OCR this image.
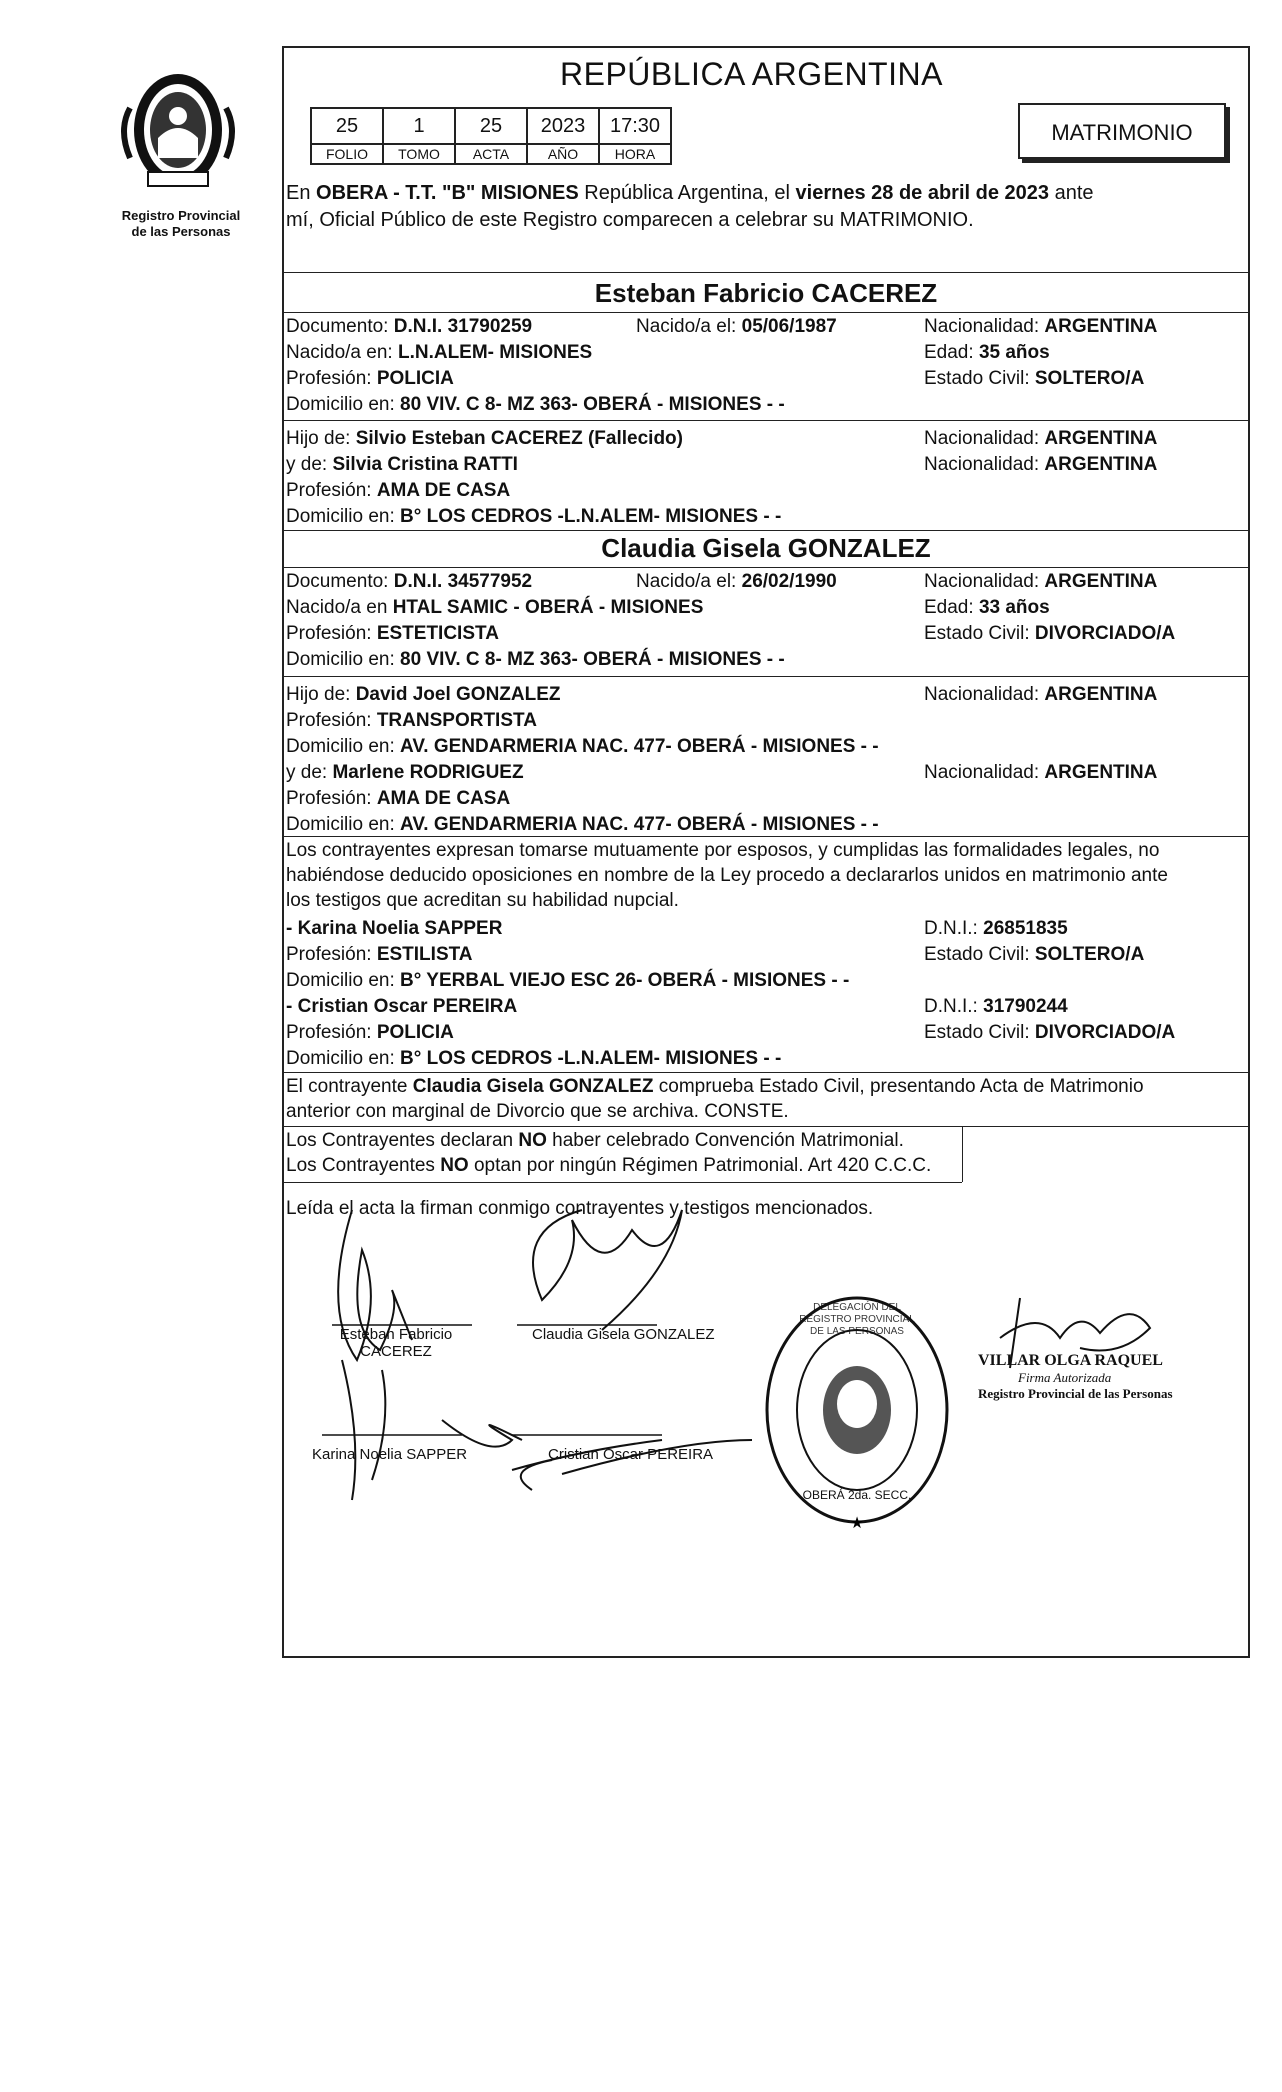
Registro Provincial
de las Personas
REPÚBLICA ARGENTINA
25	1	25	2023	17:30
FOLIO	TOMO	ACTA	AÑO	HORA
MATRIMONIO
En OBERA - T.T. "B" MISIONES República Argentina, el viernes 28 de abril de 2023 ante
mí, Oficial Público de este Registro comparecen a celebrar su MATRIMONIO.
Esteban Fabricio CACEREZ
Documento: D.N.I. 31790259	Nacido/a el: 05/06/1987	Nacionalidad: ARGENTINA
Nacido/a en: L.N.ALEM- MISIONES	Edad: 35 años
Profesión: POLICIA	Estado Civil: SOLTERO/A
Domicilio en: 80 VIV. C 8- MZ 363- OBERÁ - MISIONES - -
Hijo de: Silvio Esteban CACEREZ (Fallecido)	Nacionalidad: ARGENTINA
y de: Silvia Cristina RATTI	Nacionalidad: ARGENTINA
Profesión: AMA DE CASA
Domicilio en: B° LOS CEDROS -L.N.ALEM- MISIONES - -
Claudia Gisela GONZALEZ
Documento: D.N.I. 34577952	Nacido/a el: 26/02/1990	Nacionalidad: ARGENTINA
Nacido/a en HTAL SAMIC - OBERÁ - MISIONES	Edad: 33 años
Profesión: ESTETICISTA	Estado Civil: DIVORCIADO/A
Domicilio en: 80 VIV. C 8- MZ 363- OBERÁ - MISIONES - -
Hijo de: David Joel GONZALEZ	Nacionalidad: ARGENTINA
Profesión: TRANSPORTISTA
Domicilio en: AV. GENDARMERIA NAC. 477- OBERÁ - MISIONES - -
y de: Marlene RODRIGUEZ	Nacionalidad: ARGENTINA
Profesión: AMA DE CASA
Domicilio en: AV. GENDARMERIA NAC. 477- OBERÁ - MISIONES - -
Los contrayentes expresan tomarse mutuamente por esposos, y cumplidas las formalidades legales, no
habiéndose deducido oposiciones en nombre de la Ley procedo a declararlos unidos en matrimonio ante
los testigos que acreditan su habilidad nupcial.
- Karina Noelia SAPPER	D.N.I.: 26851835
Profesión: ESTILISTA	Estado Civil: SOLTERO/A
Domicilio en: B° YERBAL VIEJO ESC 26- OBERÁ - MISIONES - -
- Cristian Oscar PEREIRA	D.N.I.: 31790244
Profesión: POLICIA	Estado Civil: DIVORCIADO/A
Domicilio en: B° LOS CEDROS -L.N.ALEM- MISIONES - -
El contrayente Claudia Gisela GONZALEZ comprueba Estado Civil, presentando Acta de Matrimonio
anterior con marginal de Divorcio que se archiva. CONSTE.
Los Contrayentes declaran NO haber celebrado Convención Matrimonial.
Los Contrayentes NO optan por ningún Régimen Patrimonial. Art 420 C.C.C.
Leída el acta la firman conmigo contrayentes y testigos mencionados.
Esteban Fabricio
CACEREZ
Claudia Gisela GONZALEZ
Karina Noelia SAPPER	Cristian Oscar PEREIRA
★
DELEGACIÓN DEL REGISTRO PROVINCIAL DE LAS PERSONAS
OBERÁ 2da. SECC.
VILLAR OLGA RAQUEL
Firma Autorizada
Registro Provincial de las Personas
